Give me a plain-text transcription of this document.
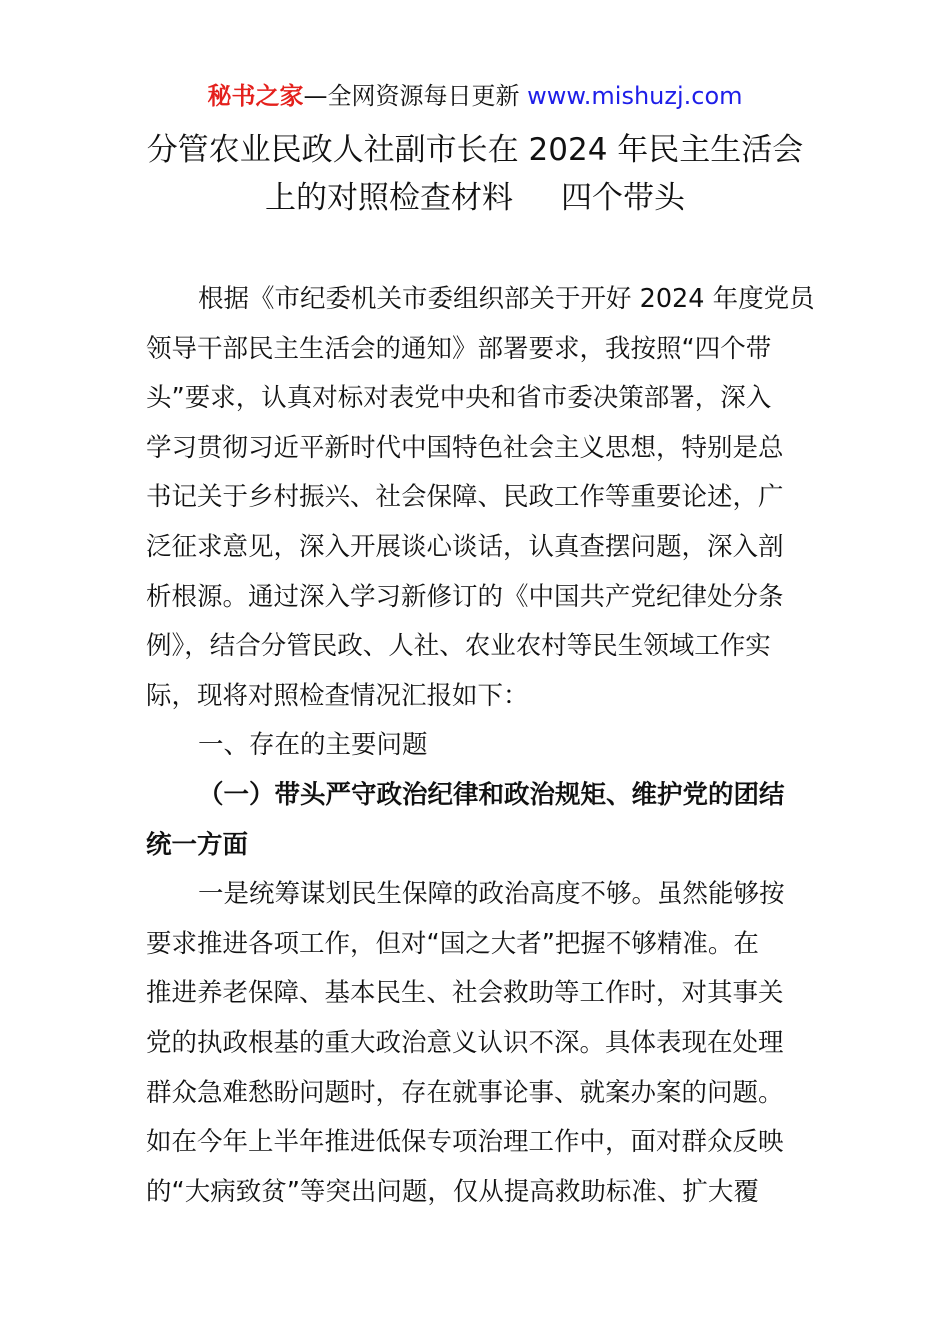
秘书之家—全网资源每日更新 www.mishuzj.com
分管农业民政人社副市长在 2024 年民主生活会
上的对照检查材料 四个带头
根据《市纪委机关市委组织部关于开好 2024 年度党员
领导干部民主生活会的通知》部署要求，我按照“四个带
头”要求，认真对标对表党中央和省市委决策部署，深入
学习贯彻习近平新时代中国特色社会主义思想，特别是总
书记关于乡村振兴、社会保障、民政工作等重要论述，广
泛征求意见，深入开展谈心谈话，认真查摆问题，深入剖
析根源。通过深入学习新修订的《中国共产党纪律处分条
例》，结合分管民政、人社、农业农村等民生领域工作实
际，现将对照检查情况汇报如下：
一、存在的主要问题
（一）带头严守政治纪律和政治规矩、维护党的团结
统一方面
一是统筹谋划民生保障的政治高度不够。虽然能够按
要求推进各项工作，但对“国之大者”把握不够精准。在
推进养老保障、基本民生、社会救助等工作时，对其事关
党的执政根基的重大政治意义认识不深。具体表现在处理
群众急难愁盼问题时，存在就事论事、就案办案的问题。
如在今年上半年推进低保专项治理工作中，面对群众反映
的“大病致贫”等突出问题，仅从提高救助标准、扩大覆
